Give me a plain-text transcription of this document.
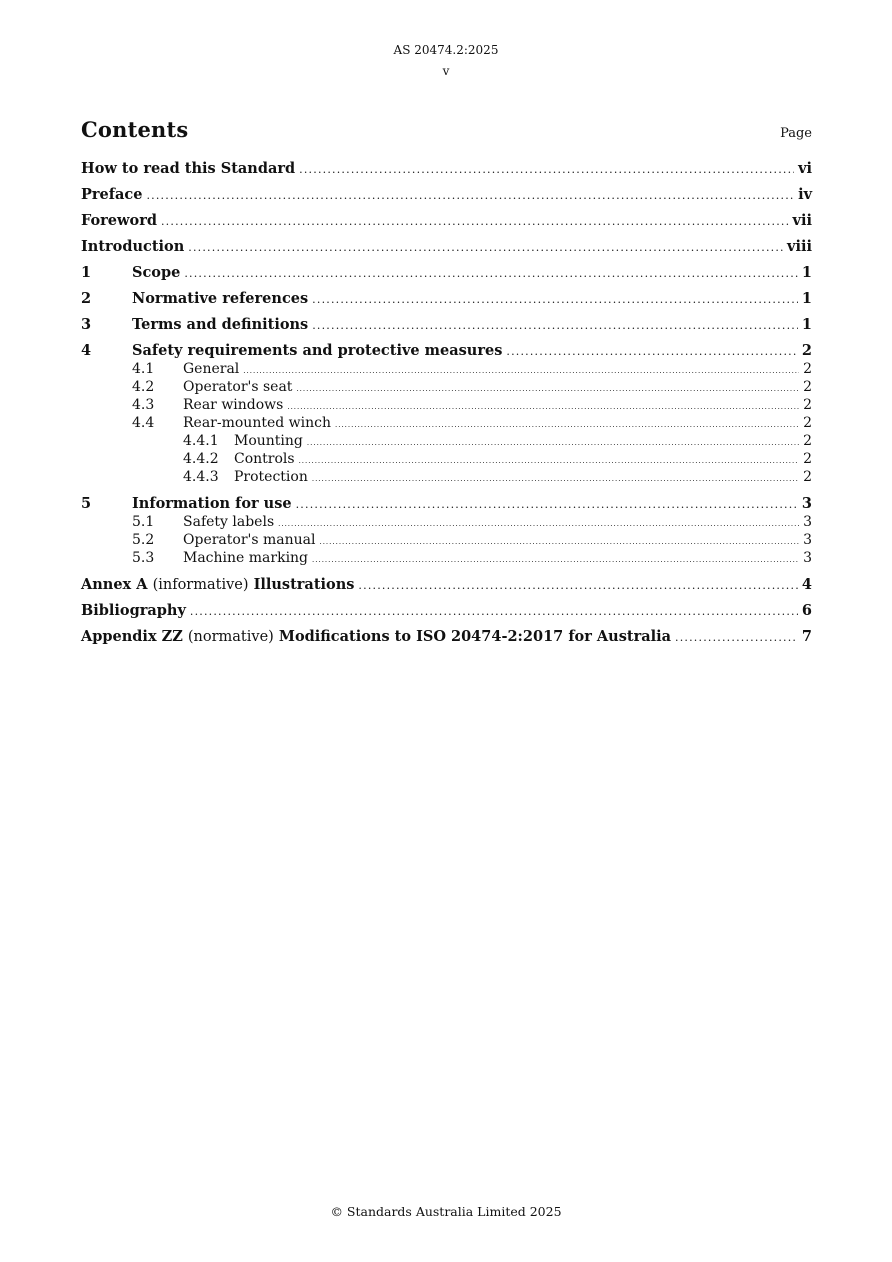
AS 20474.2:2025
v
Contents	Page
How to read this Standard .....	vi
Preface .....	iv
Foreword .....	vii
Introduction .....	viii
1	Scope .....	1
2	Normative references .....	1
3	Terms and definitions .....	1
4	Safety requirements and protective measures .....	2
4.1	General .....	2
4.2	Operator's seat .....	2
4.3	Rear windows .....	2
4.4	Rear-mounted winch .....	2
4.4.1	Mounting .....	2
4.4.2	Controls .....	2
4.4.3	Protection .....	2
5	Information for use .....	3
5.1	Safety labels .....	3
5.2	Operator's manual .....	3
5.3	Machine marking .....	3
Annex A (informative) Illustrations .....	4
Bibliography .....	6
Appendix ZZ (normative) Modifications to ISO 20474-2:2017 for Australia .....	7
© Standards Australia Limited 2025
